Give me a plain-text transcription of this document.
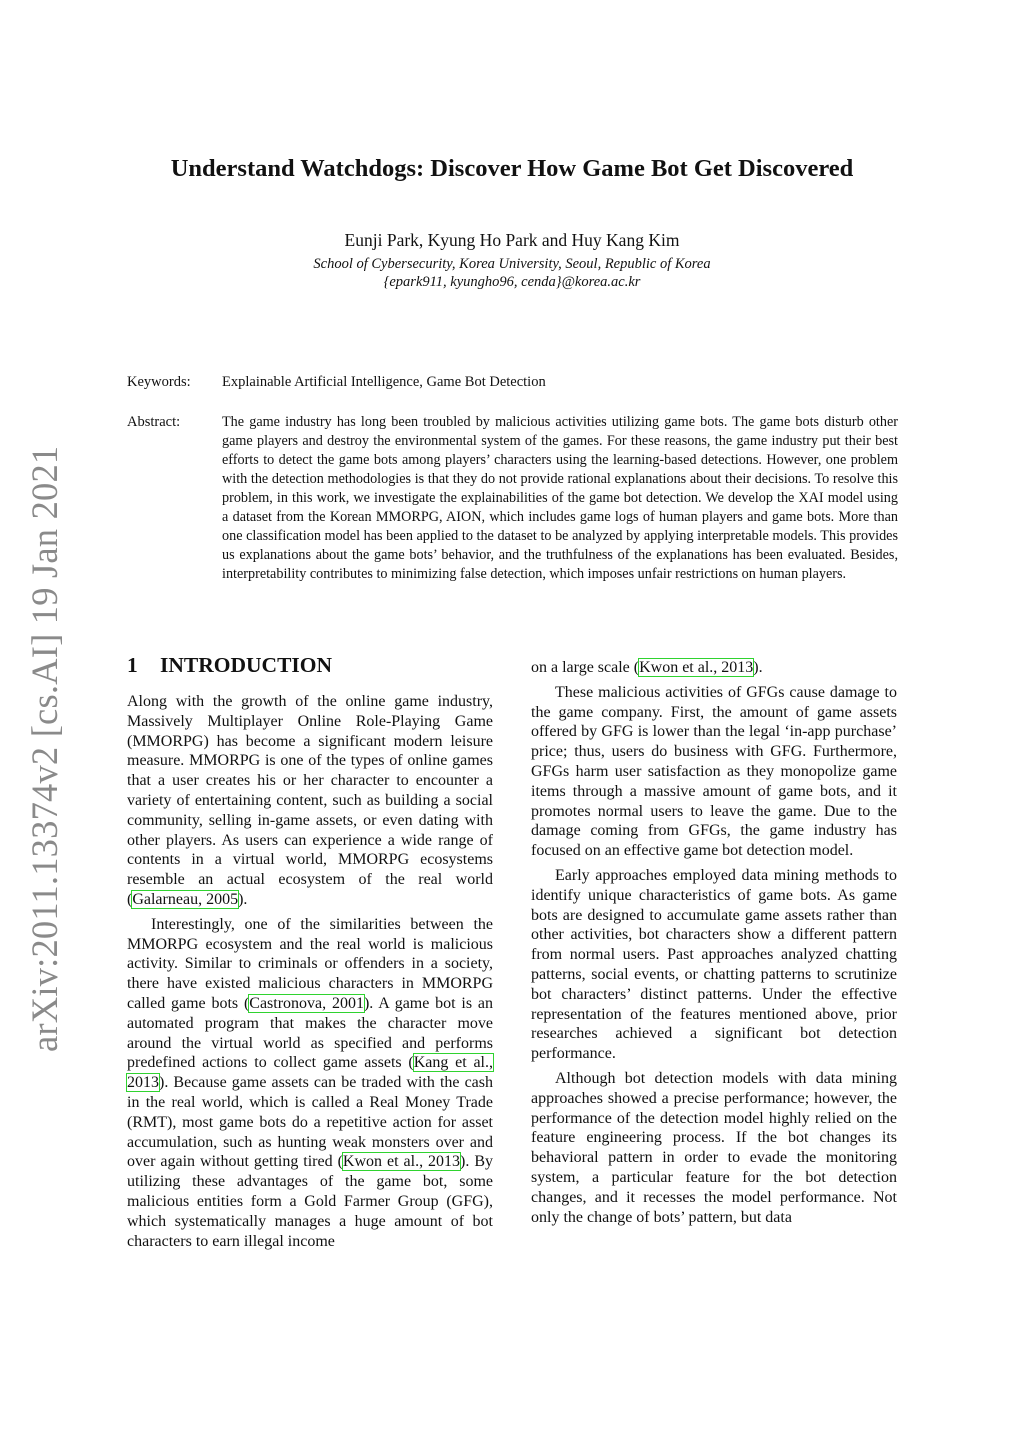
arXiv:2011.13374v2 [cs.AI] 19 Jan 2021
Understand Watchdogs: Discover How Game Bot Get Discovered
Eunji Park, Kyung Ho Park and Huy Kang Kim
School of Cybersecurity, Korea University, Seoul, Republic of Korea
{epark911, kyungho96, cenda}@korea.ac.kr
Keywords: Explainable Artificial Intelligence, Game Bot Detection
Abstract:	The game industry has long been troubled by malicious activities utilizing game bots. The game bots disturb other game players and destroy the environmental system of the games. For these reasons, the game industry put their best efforts to detect the game bots among players’ characters using the learning-based detections. However, one problem with the detection methodologies is that they do not provide rational explanations about their decisions. To resolve this problem, in this work, we investigate the explainabilities of the game bot detection. We develop the XAI model using a dataset from the Korean MMORPG, AION, which includes game logs of human players and game bots. More than one classification model has been applied to the dataset to be analyzed by applying interpretable models. This provides us explanations about the game bots’ behavior, and the truthfulness of the explanations has been evaluated. Besides, interpretability contributes to minimizing false detection, which imposes unfair restrictions on human players.

1 INTRODUCTION

Along with the growth of the online game industry, Massively Multiplayer Online Role-Playing Game (MMORPG) has become a significant modern leisure measure. MMORPG is one of the types of online games that a user creates his or her character to encounter a variety of entertaining content, such as building a social community, selling in-game assets, or even dating with other players. As users can experience a wide range of contents in a virtual world, MMORPG ecosystems resemble an actual ecosystem of the real world (Galarneau, 2005).

Interestingly, one of the similarities between the MMORPG ecosystem and the real world is malicious activity. Similar to criminals or offenders in a society, there have existed malicious characters in MMORPG called game bots (Castronova, 2001). A game bot is an automated program that makes the character move around the virtual world as specified and performs predefined actions to collect game assets (Kang et al., 2013). Because game assets can be traded with the cash in the real world, which is called a Real Money Trade (RMT), most game bots do a repetitive action for asset accumulation, such as hunting weak monsters over and over again without getting tired (Kwon et al., 2013). By utilizing these advantages of the game bot, some malicious entities form a Gold Farmer Group (GFG), which systematically manages a huge amount of bot characters to earn illegal income

on a large scale (Kwon et al., 2013).

These malicious activities of GFGs cause damage to the game company. First, the amount of game assets offered by GFG is lower than the legal ‘in-app purchase’ price; thus, users do business with GFG. Furthermore, GFGs harm user satisfaction as they monopolize game items through a massive amount of game bots, and it promotes normal users to leave the game. Due to the damage coming from GFGs, the game industry has focused on an effective game bot detection model.

Early approaches employed data mining methods to identify unique characteristics of game bots. As game bots are designed to accumulate game assets rather than other activities, bot characters show a different pattern from normal users. Past approaches analyzed chatting patterns, social events, or chatting patterns to scrutinize bot characters’ distinct patterns. Under the effective representation of the features mentioned above, prior researches achieved a significant bot detection performance.

Although bot detection models with data mining approaches showed a precise performance; however, the performance of the detection model highly relied on the feature engineering process. If the bot changes its behavioral pattern in order to evade the monitoring system, a particular feature for the bot detection changes, and it recesses the model performance. Not only the change of bots’ pattern, but data
